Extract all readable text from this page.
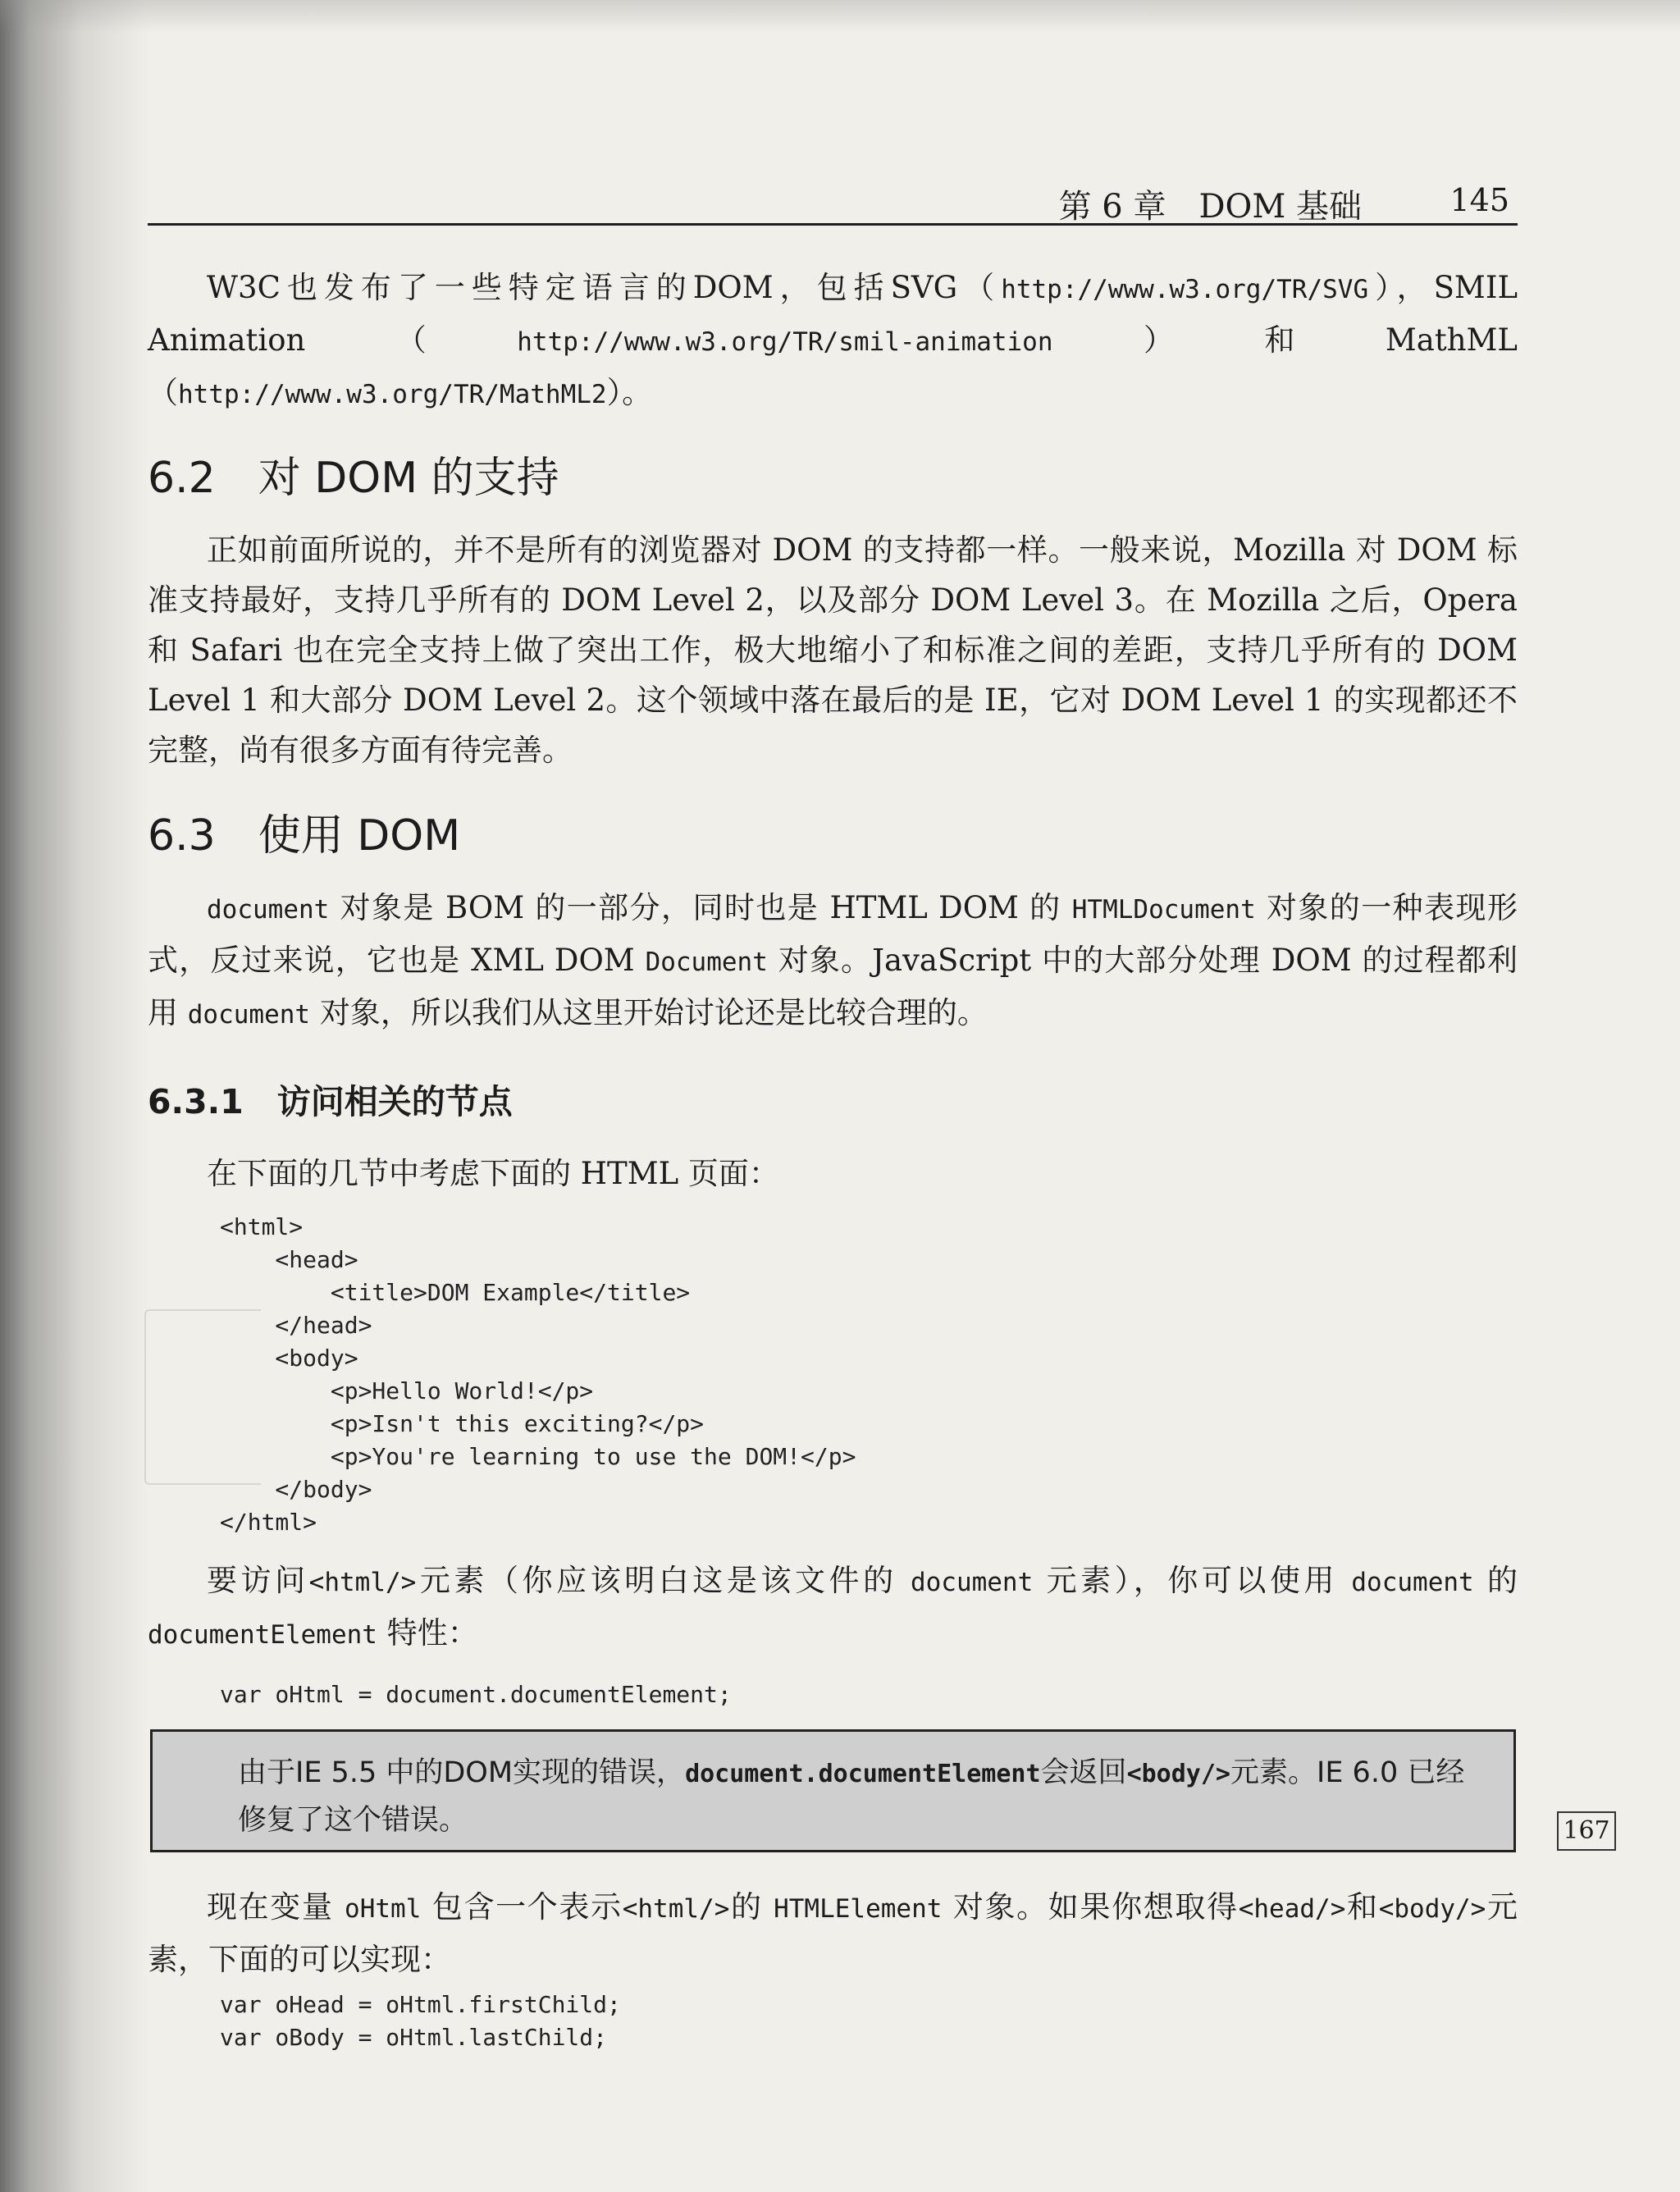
第 6 章　DOM 基础	145

W3C也发布了一些特定语言的DOM，包括SVG（http://www.w3.org/TR/SVG），SMIL Animation（http://www.w3.org/TR/smil-animation）和MathML（http://www.w3.org/TR/MathML2）。

6.2　对 DOM 的支持

正如前面所说的，并不是所有的浏览器对 DOM 的支持都一样。一般来说，Mozilla 对 DOM 标准支持最好，支持几乎所有的 DOM Level 2，以及部分 DOM Level 3。在 Mozilla 之后，Opera 和 Safari 也在完全支持上做了突出工作，极大地缩小了和标准之间的差距，支持几乎所有的 DOM Level 1 和大部分 DOM Level 2。这个领域中落在最后的是 IE，它对 DOM Level 1 的实现都还不完整，尚有很多方面有待完善。

6.3　使用 DOM

document 对象是 BOM 的一部分，同时也是 HTML DOM 的 HTMLDocument 对象的一种表现形式，反过来说，它也是 XML DOM Document 对象。JavaScript 中的大部分处理 DOM 的过程都利用 document 对象，所以我们从这里开始讨论还是比较合理的。

6.3.1　访问相关的节点

在下面的几节中考虑下面的 HTML 页面：

<html>
<head>
<title>DOM Example</title>
</head>
<body>
<p>Hello World!</p>
<p>Isn't this exciting?</p>
<p>You're learning to use the DOM!</p>
</body>
</html>

要访问<html/>元素（你应该明白这是该文件的 document 元素），你可以使用 document 的 documentElement 特性：

var oHtml = document.documentElement;
由于IE 5.5 中的DOM实现的错误，document.documentElement会返回<body/>元素。IE 6.0 已经修复了这个错误。	167

现在变量 oHtml 包含一个表示<html/>的 HTMLElement 对象。如果你想取得<head/>和<body/>元素，下面的可以实现：

var oHead = oHtml.firstChild;
var oBody = oHtml.lastChild;
